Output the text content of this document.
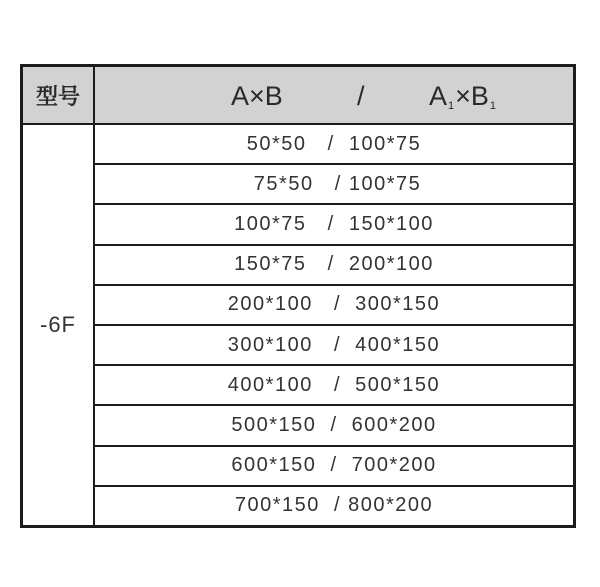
型号
-6F
A×B	/ $A_1\times B_1$
50*50   /  100*75
75*50   / 100*75
100*75   /  150*100
150*75   /  200*100
200*100   /  300*150
300*100   /  400*150
400*100   /  500*150
500*150  /  600*200
600*150  /  700*200
700*150  / 800*200
